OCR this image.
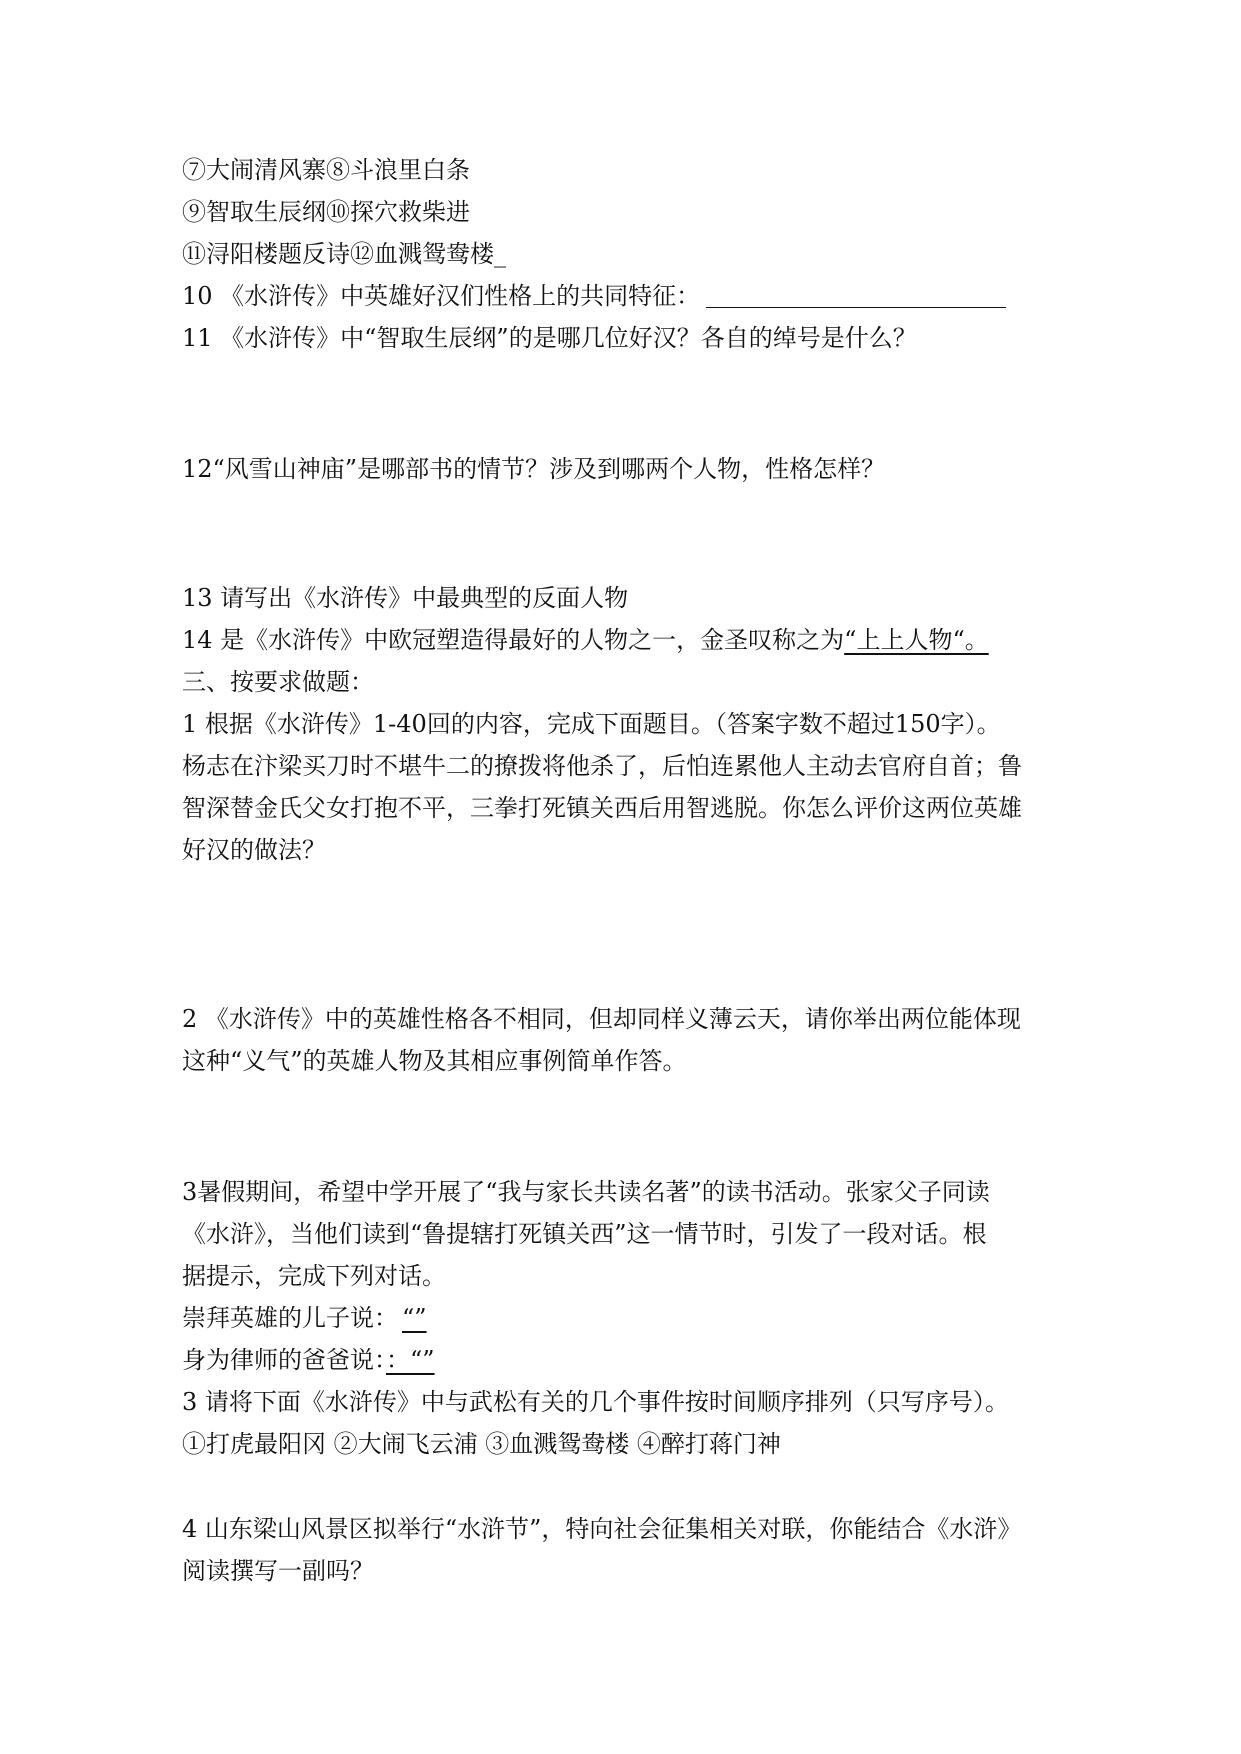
⑦大闹清风寨⑧斗浪里白条
⑨智取生辰纲⑩探穴救柴进
⑪浔阳楼题反诗⑫血溅鸳鸯楼_
10 《水浒传》中英雄好汉们性格上的共同特征：
11 《水浒传》中“智取生辰纲”的是哪几位好汉？各自的绰号是什么？
12“风雪山神庙”是哪部书的情节？涉及到哪两个人物，性格怎样？
13 请写出《水浒传》中最典型的反面人物
14 是《水浒传》中欧冠塑造得最好的人物之一，金圣叹称之为“上上人物“。
三、按要求做题：
1 根据《水浒传》1-40回的内容，完成下面题目。（答案字数不超过150字）。
杨志在汴梁买刀时不堪牛二的撩拨将他杀了，后怕连累他人主动去官府自首；鲁
智深替金氏父女打抱不平，三拳打死镇关西后用智逃脱。你怎么评价这两位英雄
好汉的做法？
2 《水浒传》中的英雄性格各不相同，但却同样义薄云天，请你举出两位能体现
这种“义气”的英雄人物及其相应事例简单作答。
3暑假期间，希望中学开展了“我与家长共读名著”的读书活动。张家父子同读
《水浒》，当他们读到“鲁提辖打死镇关西”这一情节时，引发了一段对话。根
据提示，完成下列对话。
崇拜英雄的儿子说： “”
身为律师的爸爸说：：“”
3 请将下面《水浒传》中与武松有关的几个事件按时间顺序排列（只写序号）。
①打虎最阳冈 ②大闹飞云浦 ③血溅鸳鸯楼 ④醉打蒋门神
4 山东梁山风景区拟举行“水浒节”，特向社会征集相关对联，你能结合《水浒》
阅读撰写一副吗？
